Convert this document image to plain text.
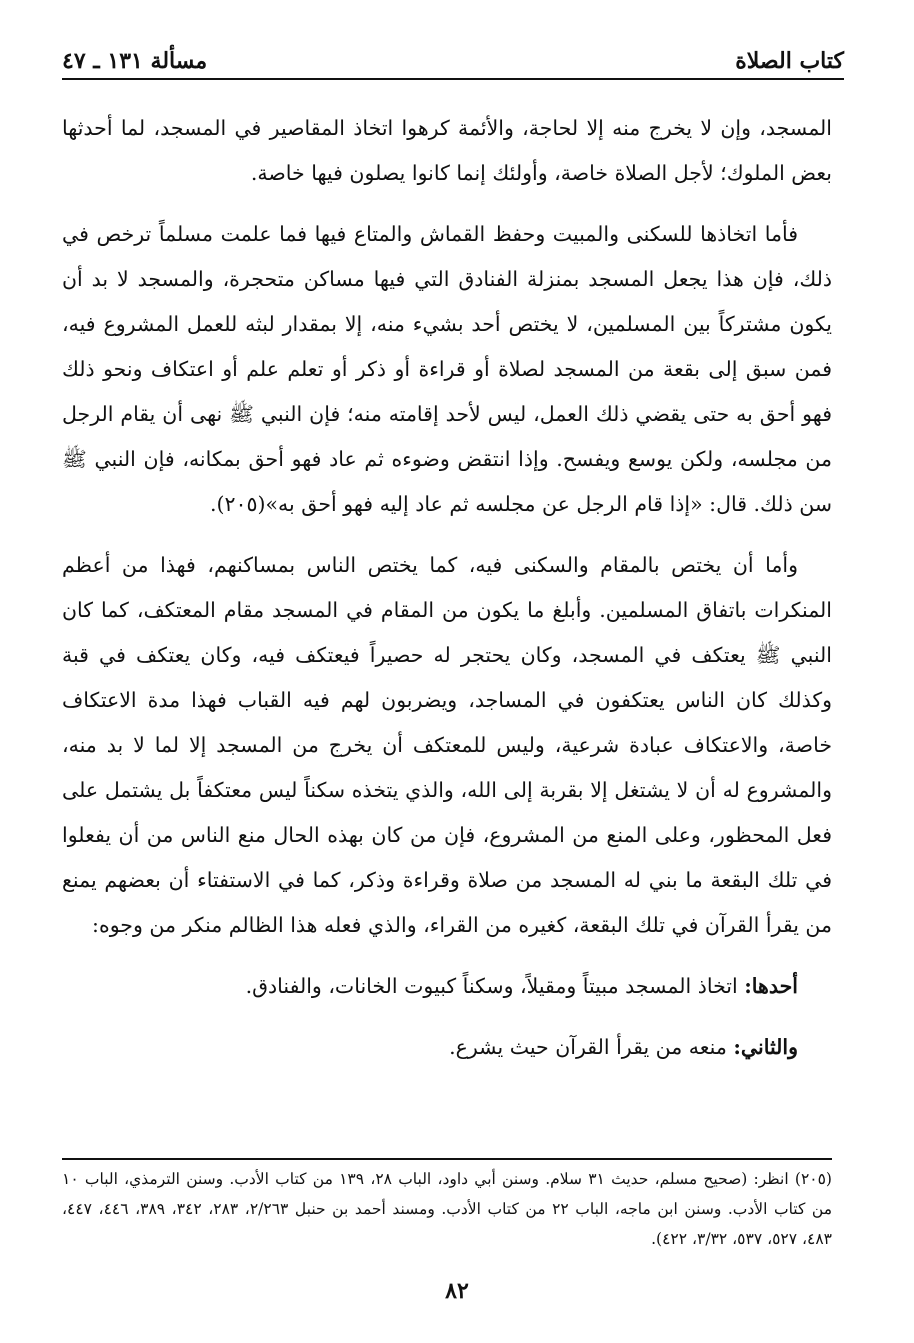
كتاب الصلاة
مسألة ١٣١ ـ ٤٧

المسجد، وإن لا يخرج منه إلا لحاجة، والأئمة كرهوا اتخاذ المقاصير في المسجد، لما أحدثها بعض الملوك؛ لأجل الصلاة خاصة، وأولئك إنما كانوا يصلون فيها خاصة.

فأما اتخاذها للسكنى والمبيت وحفظ القماش والمتاع فيها فما علمت مسلماً ترخص في ذلك، فإن هذا يجعل المسجد بمنزلة الفنادق التي فيها مساكن متحجرة، والمسجد لا بد أن يكون مشتركاً بين المسلمين، لا يختص أحد بشيء منه، إلا بمقدار لبثه للعمل المشروع فيه، فمن سبق إلى بقعة من المسجد لصلاة أو قراءة أو ذكر أو تعلم علم أو اعتكاف ونحو ذلك فهو أحق به حتى يقضي ذلك العمل، ليس لأحد إقامته منه؛ فإن النبي ﷺ نهى أن يقام الرجل من مجلسه، ولكن يوسع ويفسح. وإذا انتقض وضوءه ثم عاد فهو أحق بمكانه، فإن النبي ﷺ سن ذلك. قال: «إذا قام الرجل عن مجلسه ثم عاد إليه فهو أحق به»(٢٠٥).

وأما أن يختص بالمقام والسكنى فيه، كما يختص الناس بمساكنهم، فهذا من أعظم المنكرات باتفاق المسلمين. وأبلغ ما يكون من المقام في المسجد مقام المعتكف، كما كان النبي ﷺ يعتكف في المسجد، وكان يحتجر له حصيراً فيعتكف فيه، وكان يعتكف في قبة وكذلك كان الناس يعتكفون في المساجد، ويضربون لهم فيه القباب فهذا مدة الاعتكاف خاصة، والاعتكاف عبادة شرعية، وليس للمعتكف أن يخرج من المسجد إلا لما لا بد منه، والمشروع له أن لا يشتغل إلا بقربة إلى الله، والذي يتخذه سكناً ليس معتكفاً بل يشتمل على فعل المحظور، وعلى المنع من المشروع، فإن من كان بهذه الحال منع الناس من أن يفعلوا في تلك البقعة ما بني له المسجد من صلاة وقراءة وذكر، كما في الاستفتاء أن بعضهم يمنع من يقرأ القرآن في تلك البقعة، كغيره من القراء، والذي فعله هذا الظالم منكر من وجوه:

أحدها: اتخاذ المسجد مبيتاً ومقيلاً، وسكناً كبيوت الخانات، والفنادق.
والثاني: منعه من يقرأ القرآن حيث يشرع.

(٢٠٥) انظر: (صحيح مسلم، حديث ٣١ سلام. وسنن أبي داود، الباب ٢٨، ١٣٩ من كتاب الأدب. وسنن الترمذي، الباب ١٠ من كتاب الأدب. وسنن ابن ماجه، الباب ٢٢ من كتاب الأدب. ومسند أحمد بن حنبل ٢/٢٦٣، ٢٨٣، ٣٤٢، ٣٨٩، ٤٤٦، ٤٤٧، ٤٨٣، ٥٢٧، ٥٣٧، ٣/٣٢، ٤٢٢).

٨٢
